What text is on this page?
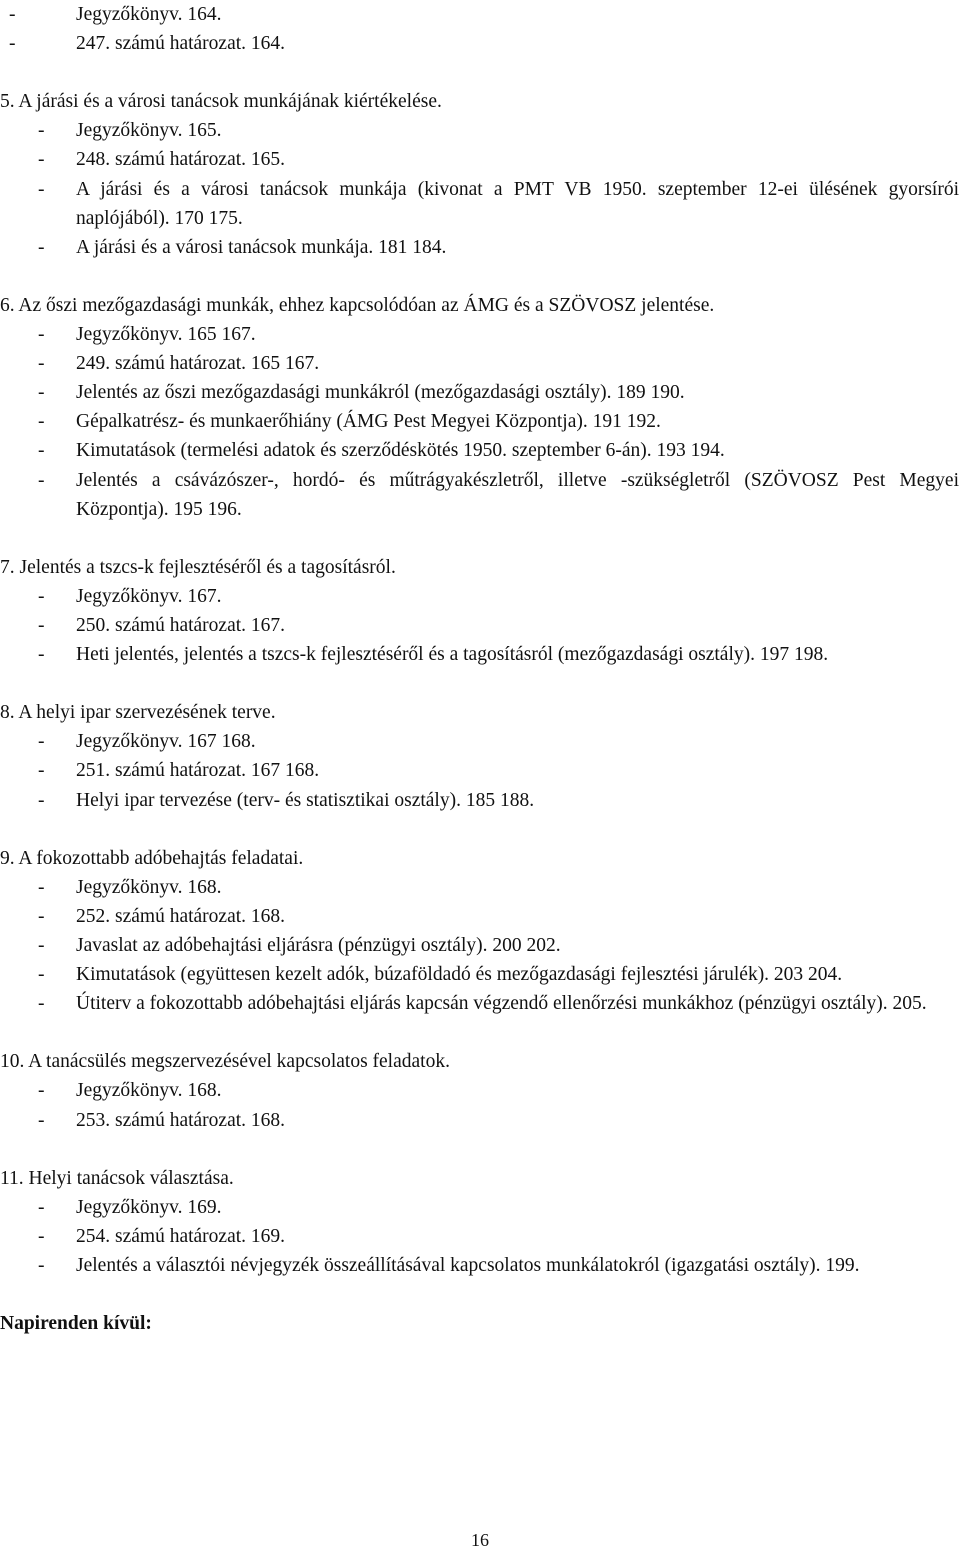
-	Jegyzőkönyv. 164.
-	247. számú határozat. 164.
5. A járási és a városi tanácsok munkájának kiértékelése.
- Jegyzőkönyv. 165.
- 248. számú határozat. 165.
- A járási és a városi tanácsok munkája (kivonat a PMT VB 1950. szeptember 12-ei ülésének gyorsírói naplójából). 170 175.
- A járási és a városi tanácsok munkája. 181 184.
6. Az őszi mezőgazdasági munkák, ehhez kapcsolódóan az ÁMG és a SZÖVOSZ jelentése.
- Jegyzőkönyv. 165 167.
- 249. számú határozat. 165 167.
- Jelentés az őszi mezőgazdasági munkákról (mezőgazdasági osztály). 189 190.
- Gépalkatrész- és munkaerőhiány (ÁMG Pest Megyei Központja). 191 192.
- Kimutatások (termelési adatok és szerződéskötés 1950. szeptember 6-án). 193 194.
- Jelentés a csávázószer-, hordó- és műtrágyakészletről, illetve -szükségletről (SZÖVOSZ Pest Megyei Központja). 195 196.
7. Jelentés a tszcs-k fejlesztéséről és a tagosításról.
- Jegyzőkönyv. 167.
- 250. számú határozat. 167.
- Heti jelentés, jelentés a tszcs-k fejlesztéséről és a tagosításról (mezőgazdasági osztály). 197 198.
8. A helyi ipar szervezésének terve.
- Jegyzőkönyv. 167 168.
- 251. számú határozat. 167 168.
- Helyi ipar tervezése (terv- és statisztikai osztály). 185 188.
9. A fokozottabb adóbehajtás feladatai.
- Jegyzőkönyv. 168.
- 252. számú határozat. 168.
- Javaslat az adóbehajtási eljárásra (pénzügyi osztály). 200 202.
- Kimutatások (együttesen kezelt adók, búzaföldadó és mezőgazdasági fejlesztési járulék). 203 204.
- Útiterv a fokozottabb adóbehajtási eljárás kapcsán végzendő ellenőrzési munkákhoz (pénzügyi osztály). 205.
10. A tanácsülés megszervezésével kapcsolatos feladatok.
- Jegyzőkönyv. 168.
- 253. számú határozat. 168.
11. Helyi tanácsok választása.
- Jegyzőkönyv. 169.
- 254. számú határozat. 169.
- Jelentés a választói névjegyzék összeállításával kapcsolatos munkálatokról (igazgatási osztály). 199.
Napirenden kívül:
16
